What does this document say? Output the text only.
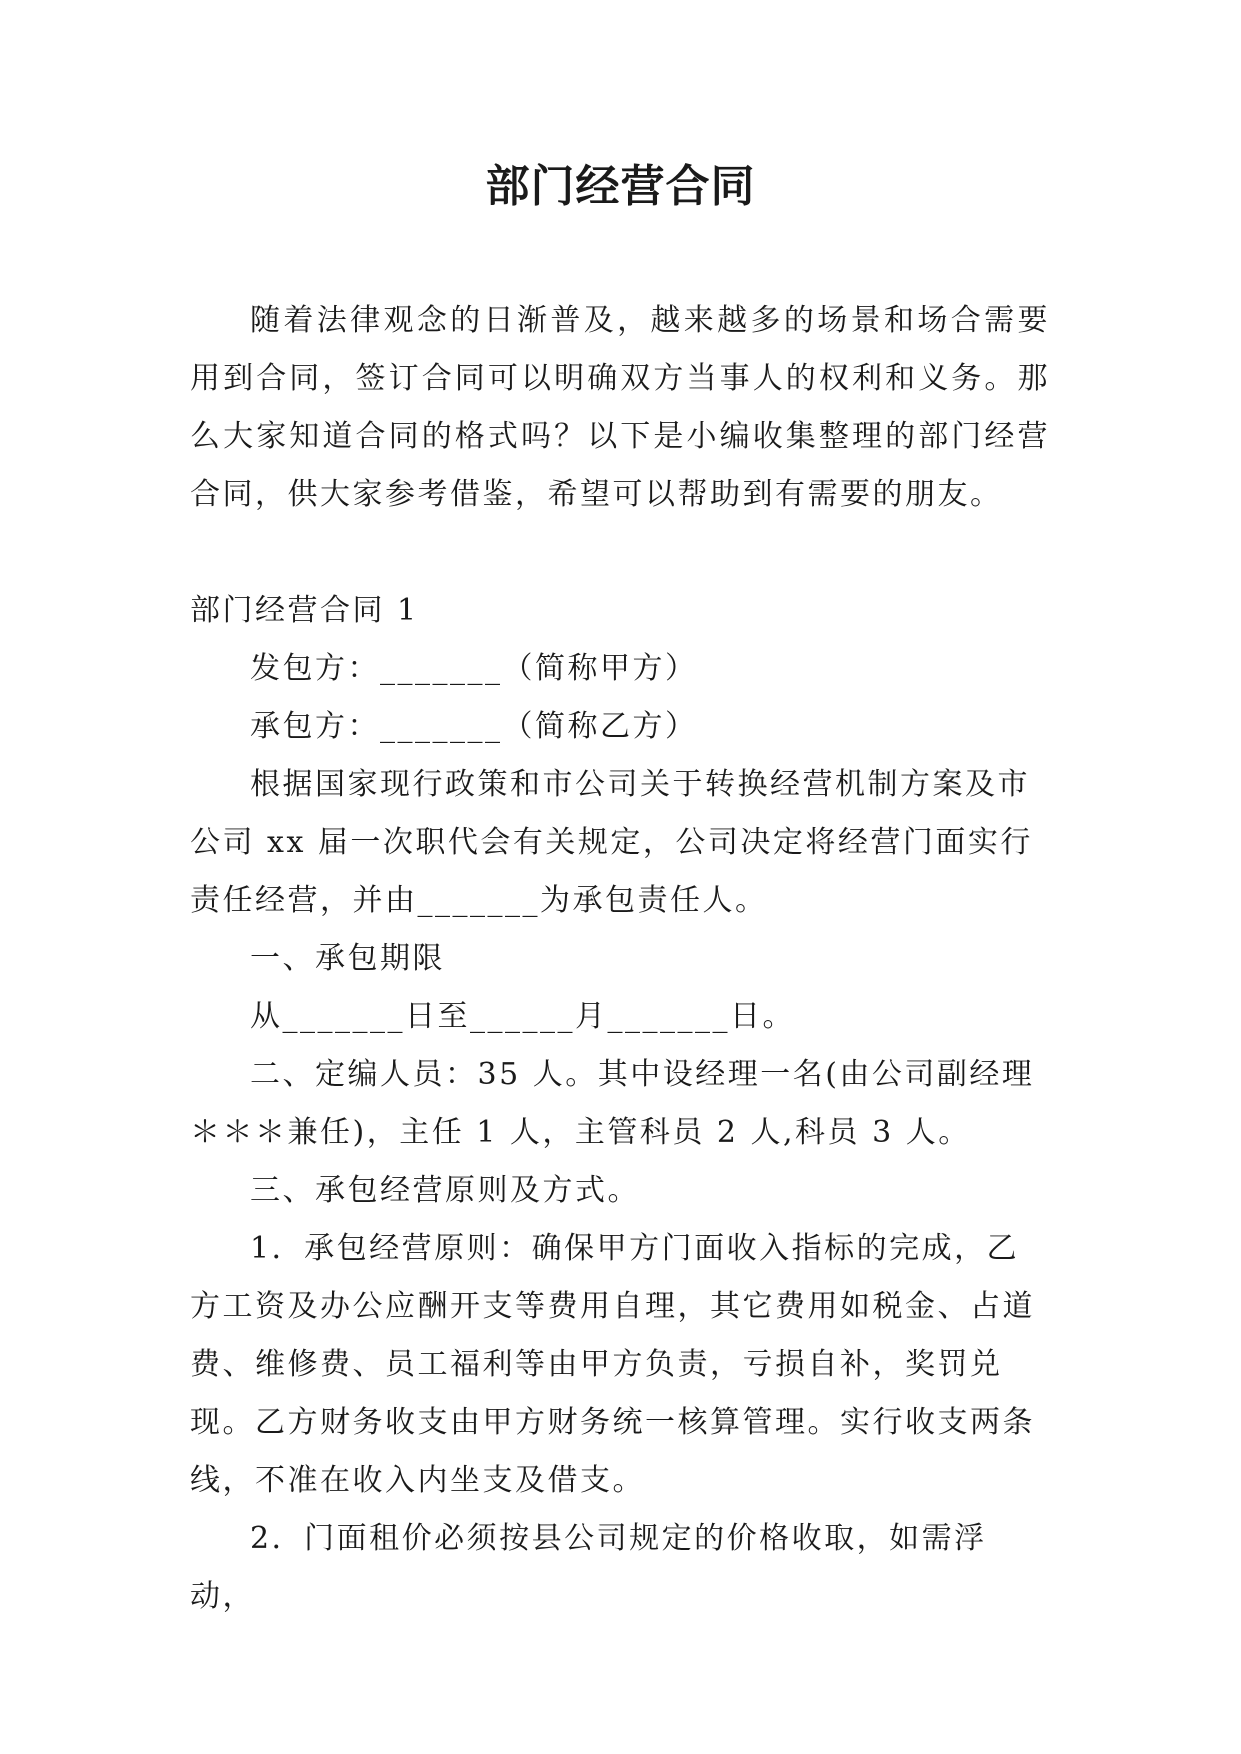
部门经营合同

随着法律观念的日渐普及，越来越多的场景和场合需要用到合同，签订合同可以明确双方当事人的权利和义务。那么大家知道合同的格式吗？以下是小编收集整理的部门经营合同，供大家参考借鉴，希望可以帮助到有需要的朋友。

部门经营合同 1

发包方：_______（简称甲方）

承包方：_______（简称乙方）

根据国家现行政策和市公司关于转换经营机制方案及市公司 xx 届一次职代会有关规定，公司决定将经营门面实行责任经营，并由_______为承包责任人。

一、承包期限

从_______日至______月_______日。

二、定编人员：35 人。其中设经理一名(由公司副经理＊＊＊兼任)，主任 1 人，主管科员 2 人,科员 3 人。

三、承包经营原则及方式。

1．承包经营原则：确保甲方门面收入指标的完成，乙方工资及办公应酬开支等费用自理，其它费用如税金、占道费、维修费、员工福利等由甲方负责，亏损自补，奖罚兑现。乙方财务收支由甲方财务统一核算管理。实行收支两条线，不准在收入内坐支及借支。

2．门面租价必须按县公司规定的价格收取，如需浮动，
